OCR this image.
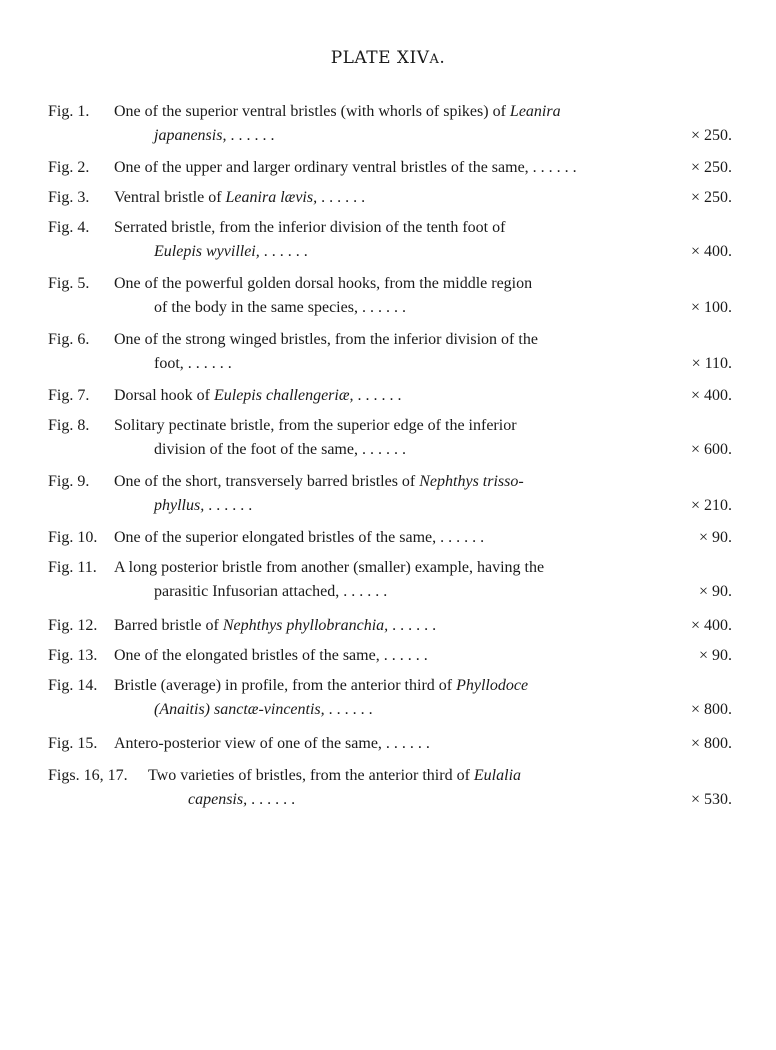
PLATE XIVA.
Fig. 1.	One of the superior ventral bristles (with whorls of spikes) of Leanira
japanensis, . . . . . .	× 250.
Fig. 2.	One of the upper and larger ordinary ventral bristles of the same, . . . . . .	× 250.
Fig. 3.	Ventral bristle of Leanira lævis, . . . . . .	× 250.
Fig. 4.	Serrated bristle, from the inferior division of the tenth foot of
Eulepis wyvillei, . . . . . .	× 400.
Fig. 5.	One of the powerful golden dorsal hooks, from the middle region
of the body in the same species, . . . . . .	× 100.
Fig. 6.	One of the strong winged bristles, from the inferior division of the
foot, . . . . . .	× 110.
Fig. 7.	Dorsal hook of Eulepis challengeriæ, . . . . . .	× 400.
Fig. 8.	Solitary pectinate bristle, from the superior edge of the inferior
division of the foot of the same, . . . . . .	× 600.
Fig. 9.	One of the short, transversely barred bristles of Nephthys trisso-
phyllus, . . . . . .	× 210.
Fig. 10.	One of the superior elongated bristles of the same, . . . . . .	× 90.
Fig. 11.	A long posterior bristle from another (smaller) example, having the
parasitic Infusorian attached, . . . . . .	× 90.
Fig. 12.	Barred bristle of Nephthys phyllobranchia, . . . . . .	× 400.
Fig. 13.	One of the elongated bristles of the same, . . . . . .	× 90.
Fig. 14.	Bristle (average) in profile, from the anterior third of Phyllodoce
(Anaitis) sanctæ-vincentis, . . . . . .	× 800.
Fig. 15.	Antero-posterior view of one of the same, . . . . . .	× 800.
Figs. 16, 17.	Two varieties of bristles, from the anterior third of Eulalia
capensis, . . . . . .	× 530.
